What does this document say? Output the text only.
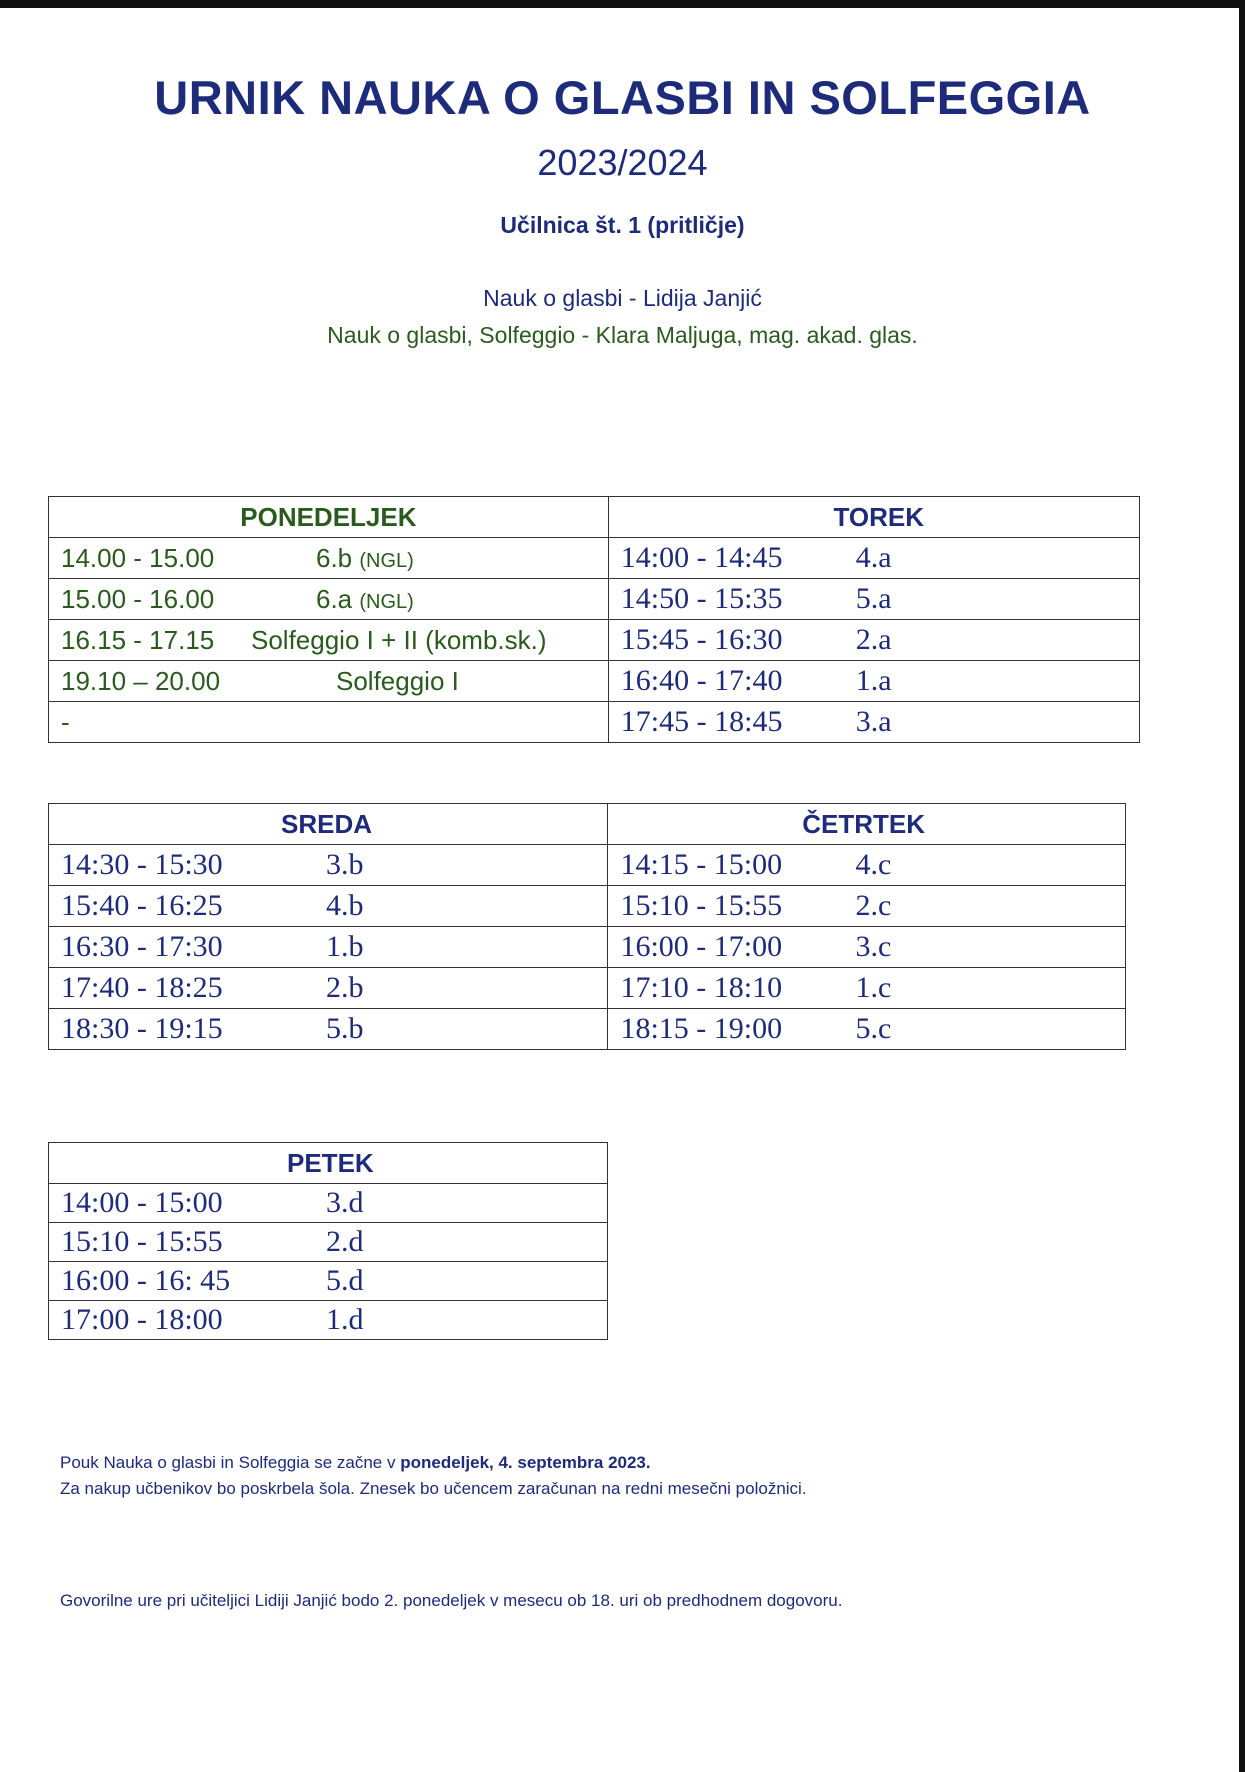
URNIK NAUKA O GLASBI IN SOLFEGGIA
2023/2024
Učilnica št. 1 (pritličje)
Nauk o glasbi - Lidija Janjić
Nauk o glasbi, Solfeggio - Klara Maljuga, mag. akad. glas.
PONEDELJEK	TOREK
14.00 - 15.00 6.b (NGL)	14:00 - 14:45 4.a
15.00 - 16.00 6.a (NGL)	14:50 - 15:35 5.a
16.15 - 17.15 Solfeggio I + II (komb.sk.)	15:45 - 16:30 2.a
19.10 – 20.00 Solfeggio I	16:40 - 17:40 1.a
-	17:45 - 18:45 3.a
SREDA	ČETRTEK
14:30 - 15:30 3.b	14:15 - 15:00 4.c
15:40 - 16:25 4.b	15:10 - 15:55 2.c
16:30 - 17:30 1.b	16:00 - 17:00 3.c
17:40 - 18:25 2.b	17:10 - 18:10 1.c
18:30 - 19:15 5.b	18:15 - 19:00 5.c
PETEK
14:00 - 15:00	3.d
15:10 - 15:55	2.d
16:00 - 16: 45	5.d
17:00 - 18:00	1.d
Pouk Nauka o glasbi in Solfeggia se začne v ponedeljek, 4. septembra 2023.
Za nakup učbenikov bo poskrbela šola. Znesek bo učencem zaračunan na redni mesečni položnici.
Govorilne ure pri učiteljici Lidiji Janjić bodo 2. ponedeljek v mesecu ob 18. uri ob predhodnem dogovoru.
